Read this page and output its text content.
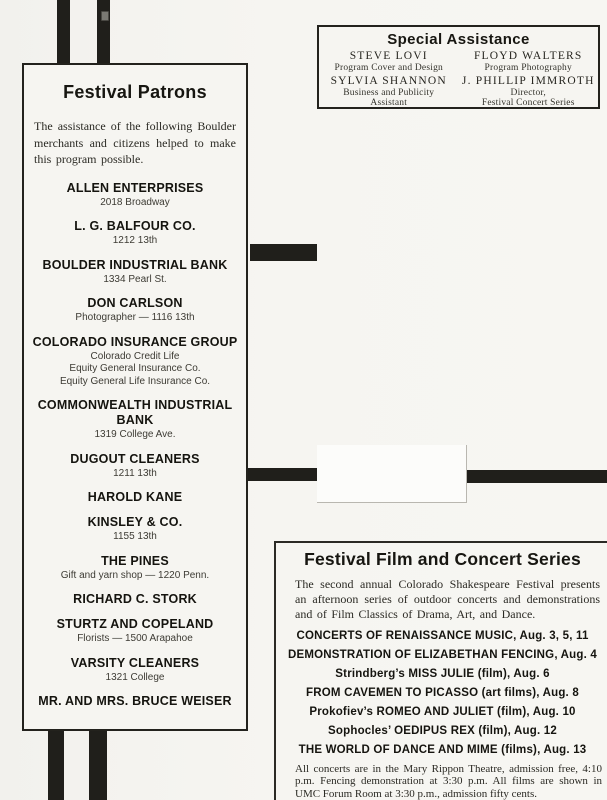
Festival Patrons

The assistance of the following Boulder merchants and citizens helped to make this program possible.

ALLEN ENTERPRISES
2018 Broadway
L. G. BALFOUR CO.
1212 13th
BOULDER INDUSTRIAL BANK
1334 Pearl St.
DON CARLSON
Photographer — 1116 13th
COLORADO INSURANCE GROUP
Colorado Credit Life
Equity General Insurance Co.
Equity General Life Insurance Co.
COMMONWEALTH INDUSTRIAL BANK
1319 College Ave.
DUGOUT CLEANERS
1211 13th
HAROLD KANE
KINSLEY & CO.
1155 13th
THE PINES
Gift and yarn shop — 1220 Penn.
RICHARD C. STORK
STURTZ AND COPELAND
Florists — 1500 Arapahoe
VARSITY CLEANERS
1321 College
MR. AND MRS. BRUCE WEISER
Special Assistance
STEVE LOVI
Program Cover and Design
FLOYD WALTERS
Program Photography
SYLVIA SHANNON
Business and Publicity
Assistant
J. PHILLIP IMMROTH
Director,
Festival Concert Series
Festival Film and Concert Series

The second annual Colorado Shakespeare Festival presents an afternoon series of outdoor concerts and demonstrations and of Film Classics of Drama, Art, and Dance.

CONCERTS OF RENAISSANCE MUSIC, Aug. 3, 5, 11
DEMONSTRATION OF ELIZABETHAN FENCING, Aug. 4
Strindberg’s MISS JULIE (film), Aug. 6
FROM CAVEMEN TO PICASSO (art films), Aug. 8
Prokofiev’s ROMEO AND JULIET (film), Aug. 10
Sophocles’ OEDIPUS REX (film), Aug. 12
THE WORLD OF DANCE AND MIME (films), Aug. 13

All concerts are in the Mary Rippon Theatre, admission free, 4:10 p.m. Fencing demonstration at 3:30 p.m. All films are shown in UMC Forum Room at 3:30 p.m., admission fifty cents.
